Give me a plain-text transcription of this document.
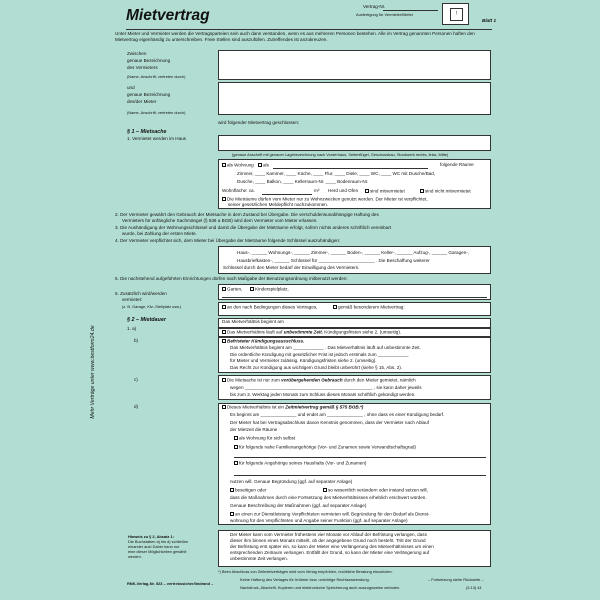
Mietvertrag
Vertrag-Nr.
Ausfertigung für Vermieter/Mieter	!
Blatt 1
Unter Mieter und Vermieter werden die Vertragsparteien sein auch dann verstanden, wenn es aus mehreren Personen bestehen. Alle im Vertrag genannten Personen haften den Mietvertrag eigenhändig zu unterschreiben. Freie Stellen sind auszufüllen. Zutreffendes ist anzukreuzen.
Zwischen
genaue Bezeichnung
des Vermieters
(Name, Anschrift, vertreten durch)
und
genaue Bezeichnung
des/der Mieter
(Name, Anschrift, vertreten durch)
wird folgender Mietvertrag geschlossen:
§ 1 – Mietsache
1. Vermietet werden im Haus
(genaue Anschrift mit genauer Lagebezeichnung nach Vorderhaus, Seitenflügel, Geschossbau, Stockwerk rechts, links, Mitte)
als Wohnung	als	folgende Räume
Zimmer, ____ Kammer, ____ Küche, ____ Flur, ____ Diele, ____ WC, ____ WC mit Dusche/Bad,
Dusche, ____ Balkon, ____ Kellerraum-Nr. ____ Bodenraum-Nr.
Wohnfläche: ca.	m² Herd und Ofen	sind mitvermietet	sind nicht mitvermietet
Die Mieträume dürfen vom Mieter nur zu Wohnzwecken genutzt werden. Der Mieter ist verpflichtet,
seiner gesetzlichen Meldepflicht nachzukommen.
2. Der Vermieter gewährt den Gebrauch der Mietsache in dem Zustand bei Übergabe. Die verschuldensunabhängige Haftung des
Vermieters für anfängliche Sachmängel (§ 536 a BGB) wird dem Vermieter vom Mieter erlassen.
3. Die Aushändigung der Wohnungsschlüssel und damit die Übergabe der Mieträume erfolgt, sofern nichts anderes schriftlich vereinbart
wurde, bei Zahlung der ersten Miete.
4. Der Vermieter verpflichtet sich, dem Mieter bei Übergabe der Mieträume folgende Schlüssel auszuhändigen:
Haus-, ______ Wohnungs-, ______ Zimmer-, ______ Boden-, ______ Keller-, ______ Aufzug-, ______ Garagen-,
Hausbriefkasten-, ______ Schlüssel für ______________________ . Die Beschaffung weiterer
Schlüssel durch den Mieter bedarf der Einwilligung des Vermieters.
5. Die nachstehend aufgeführten Einrichtungen dürfen nach Maßgabe der Benutzungsordnung mitbenutzt werden:
Garten,	Kinderspielplatz,
6. Zusätzlich wird/werden
vermietet:
(z. B. Garage, Kfz.-Stellplatz usw.)	an den nach Bedingungen dieses Vertrages,	gemäß besonderem Mietvertrag:
§ 2 – Mietdauer
1. a)
b)
c)
d)
Das Mietverhältnis beginnt am
Das Mietverhältnis läuft auf unbestimmte Zeit. Kündigungsfristen siehe 2. (umseitig).
Befristeter Kündigungsausschluss.
Das Mietverhältnis beginnt am ____________ . Das Mietverhältnis läuft auf unbestimmte Zeit.
Die ordentliche Kündigung mit gesetzlicher Frist ist jedoch erstmals zum ____________
für Mieter und Vermieter zulässig. Kündigungsfristen siehe 2. (umseitig).
Das Recht zur Kündigung aus wichtigem Grund bleibt unberührt (siehe § 15, Abs. 2).
Die Mietsache ist nur zum vorübergehenden Gebrauch durch den Mieter gemietet, nämlich
wegen __________________________________________________ , sie kann daher jeweils
bis zum 3. Werktag jeden Monats zum Schluss dieses Monats schriftlich gekündigt werden.
Dieses Mietverhältnis ist ein Zeitmietvertrag gemäß § 575 BGB.*)
Es beginnt am ______________ und endet am ______________ , ohne dass es einer Kündigung bedarf.
Der Mieter hat bei Vertragsabschluss davon Kenntnis genommen, dass der Vermieter nach Ablauf
der Mietzeit die Räume
als Wohnung für sich selbst
für folgende nahe Familienangehörige (Vor- und Zunamen sowie Verwandtschaftsgrad)
für folgende Angehörige seines Haushalts (Vor- und Zunamen)
nutzen will. Genaue Begründung (ggf. auf separater Anlage)
beseitigen oder	so wesentlich verändern oder instand setzen will,
dass die Maßnahmen durch eine Fortsetzung des Mietverhältnisses erheblich erschwert würden.
Genaue Beschreibung der Maßnahmen (ggf. auf separater Anlage)
an einen zur Dienstleistung Verpflichteten vermieten will. Begründung für den Bedarf als Dienst-
wohnung für den Verpflichteten und Angabe seiner Funktion (ggf. auf separater Anlage)
Der Mieter kann vom Vermieter frühestens vier Monate vor Ablauf der Befristung verlangen, dass
dieser ihm binnen eines Monats mitteilt, ob der angegebene Grund noch besteht. Tritt der Grund
der Befristung erst später ein, so kann der Mieter eine Verlängerung des Mietverhältnisses um einen
entsprechenden Zeitraum verlangen. Entfällt der Grund, so kann der Mieter eine Verlängerung auf
unbestimmte Zeit verlangen.
Hinweis zu § 2, Absatz 1:
Die Buchstaben a) bis d) schließen
einander aus! Daher kann nur
eine dieser Möglichkeiten gewählt
werden.
Mehr Verträge unter www.bestform24.de
*) Beim Abschluss von Zeitmietverträgen wird vom Verlag empfohlen, rechtliche Beratung einzuholen.
Keine Haftung des Verlages für Irrtümer bzw. unrichtige Rechtsanwendung.	– Fortsetzung siehe Rückseite –
Nachdruck, Abschrift, Kopieren und elektronische Speicherung auch auszugsweise verboten.	(3.13) 44
RNK-Verlag-Nr. 523 – vertrebssicher/lindrand –
